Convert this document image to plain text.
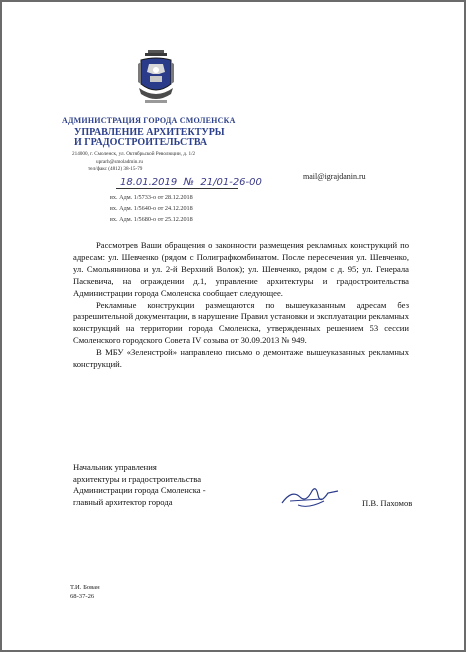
АДМИНИСТРАЦИЯ ГОРОДА СМОЛЕНСКА
УПРАВЛЕНИЕ АРХИТЕКТУРЫ
И ГРАДОСТРОИТЕЛЬСТВА
214000, г. Смоленск, ул. Октябрьской Революции, д. 1/2
uprarh@smoladmin.ru
тел/факс (4812) 38-15-79
18.01.2019  №  21/01-26-00
mail@igrajdanin.ru
вх. Адм. 1/5733-о от 28.12.2018
вх. Адм. 1/5640-о от 24.12.2018
вх. Адм. 1/5680-о от 25.12.2018

Рассмотрев Ваши обращения о законности размещения рекламных конструкций по адресам: ул. Шевченко (рядом с Полиграфкомбинатом. После пересечения ул. Шевченко, ул. Смольянинова и ул. 2-й Верхний Волок); ул. Шевченко, рядом с д. 95; ул. Генерала Паскевича, на ограждении д.1, управление архитектуры и градостроительства Администрации города Смоленска сообщает следующее.

Рекламные конструкции размещаются по вышеуказанным адресам без разрешительной документации, в нарушение Правил установки и эксплуатации рекламных конструкций на территории города Смоленска, утвержденных решением 53 сессии Смоленского городского Совета IV созыва от 30.09.2013 № 949.

В МБУ «Зеленстрой» направлено письмо о демонтаже вышеуказанных рекламных конструкций.

Начальник управления
архитектуры и градостроительства
Администрации города Смоленска -
главный архитектор города	П.В. Пахомов
Т.И. Бован
68-37-26
